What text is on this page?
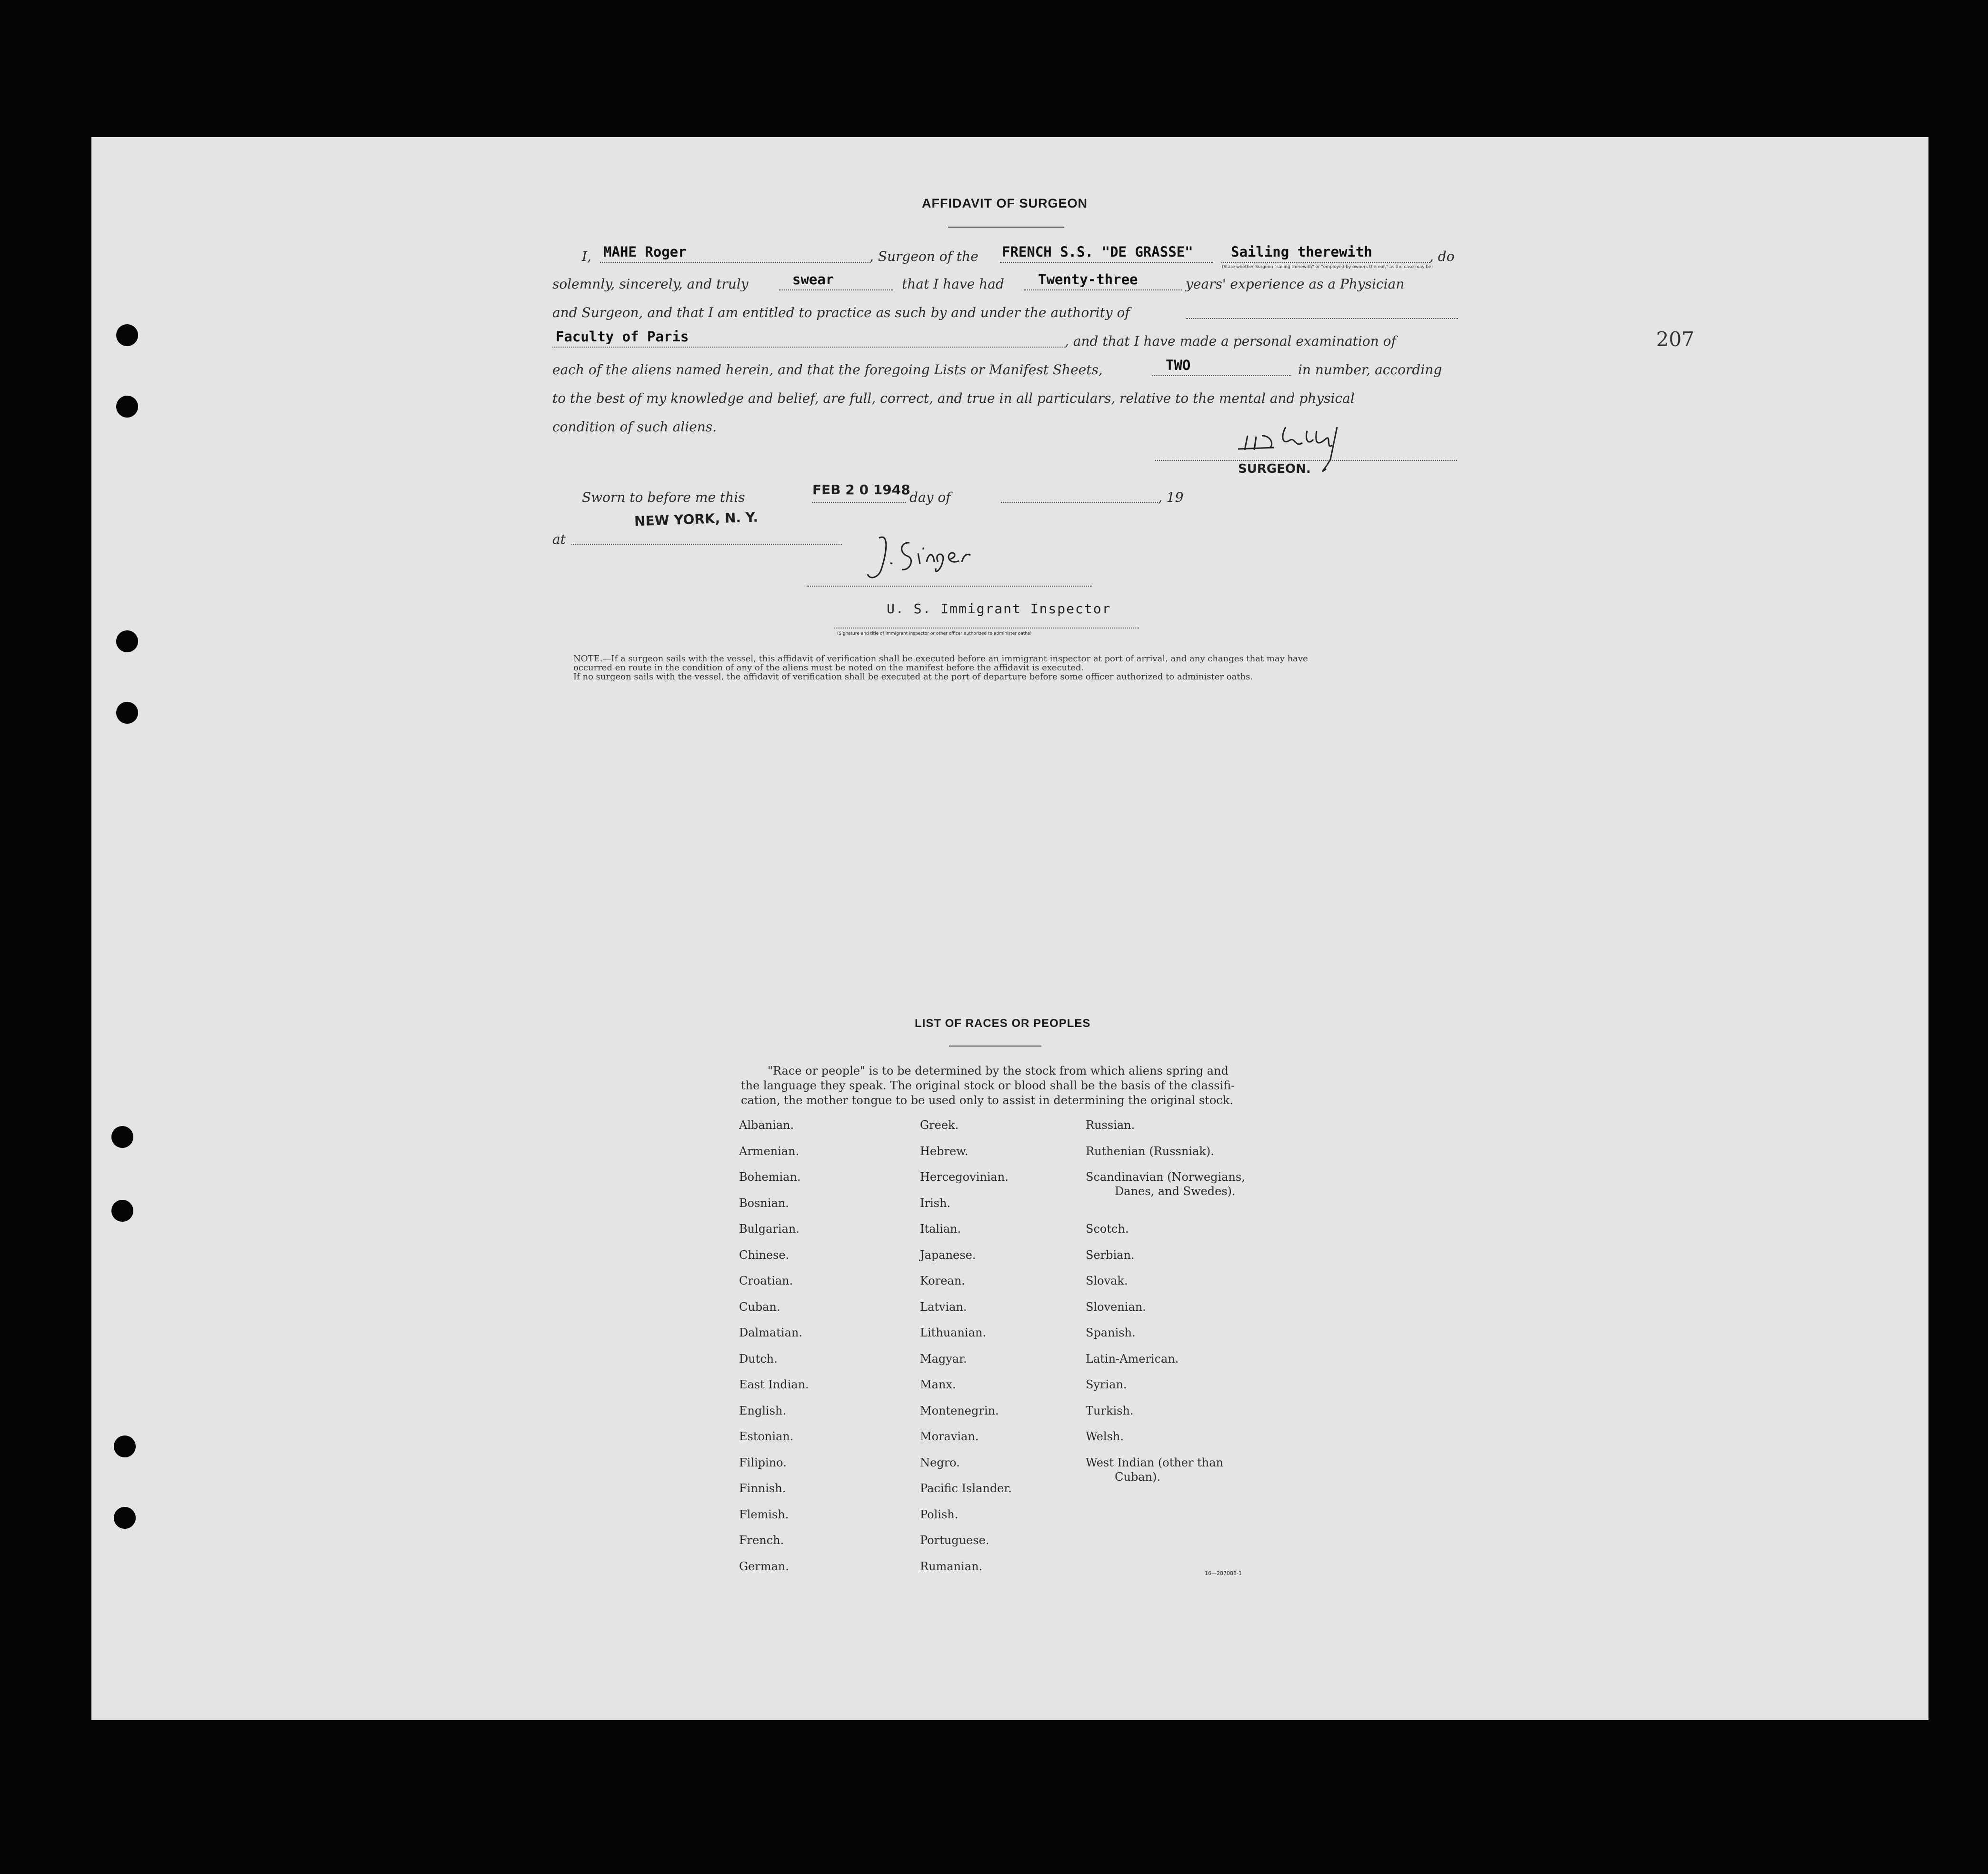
207
AFFIDAVIT OF SURGEON
I, MAHE Roger	, Surgeon of the FRENCH S.S. "DE GRASSE"	Sailing therewith	, do
(State whether Surgeon "sailing therewith" or "employed by owners thereof," as the case may be)
solemnly, sincerely, and truly	swear	that I have had Twenty-three	years' experience as a Physician
and Surgeon, and that I am entitled to practice as such by and under the authority of
Faculty of Paris	, and that I have made a personal examination of
each of the aliens named herein, and that the foregoing Lists or Manifest Sheets,	TWO	in number, according
to the best of my knowledge and belief, are full, correct, and true in all particulars, relative to the mental and physical
condition of such aliens.
SURGEON.
Sworn to before me this	FEB 2 0 1948
day of	, 19
NEW YORK, N. Y.
at
U. S. Immigrant Inspector
(Signature and title of immigrant inspector or other officer authorized to administer oaths)
NOTE.—If a surgeon sails with the vessel, this affidavit of verification shall be executed before an immigrant inspector at port of arrival, and any changes that may have
occurred en route in the condition of any of the aliens must be noted on the manifest before the affidavit is executed.
If no surgeon sails with the vessel, the affidavit of verification shall be executed at the port of departure before some officer authorized to administer oaths.
LIST OF RACES OR PEOPLES
"Race or people" is to be determined by the stock from which aliens spring and
the language they speak. The original stock or blood shall be the basis of the classifi-
cation, the mother tongue to be used only to assist in determining the original stock.
Albanian.
Armenian.
Bohemian.
Bosnian.
Bulgarian.
Chinese.
Croatian.
Cuban.
Dalmatian.
Dutch.
East Indian.
English.
Estonian.
Filipino.
Finnish.
Flemish.
French.
German.
Greek.
Hebrew.
Hercegovinian.
Irish.
Italian.
Japanese.
Korean.
Latvian.
Lithuanian.
Magyar.
Manx.
Montenegrin.
Moravian.
Negro.
Pacific Islander.
Polish.
Portuguese.
Rumanian.
Russian.
Ruthenian (Russniak).
Scandinavian (Norwegians,
Danes, and Swedes).
Scotch.
Serbian.
Slovak.
Slovenian.
Spanish.
Latin-American.
Syrian.
Turkish.
Welsh.
West Indian (other than
Cuban).
16—287088-1
